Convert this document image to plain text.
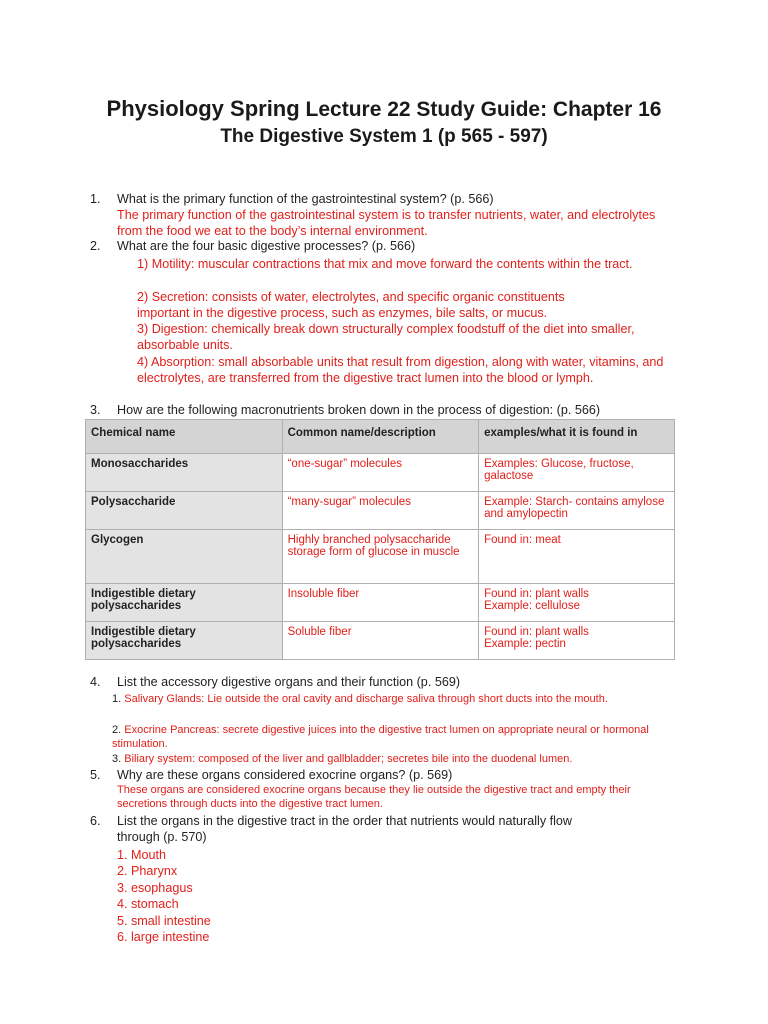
Physiology Spring Lecture 22 Study Guide: Chapter 16
The Digestive System 1 (p 565 - 597)
1. What is the primary function of the gastrointestinal system? (p. 566)
The primary function of the gastrointestinal system is to transfer nutrients, water, and electrolytes from the food we eat to the body’s internal environment.
2. What are the four basic digestive processes? (p. 566)
1) Motility: muscular contractions that mix and move forward the contents within the tract.
2) Secretion: consists of water, electrolytes, and specific organic constituents important in the digestive process, such as enzymes, bile salts, or mucus.
3) Digestion: chemically break down structurally complex foodstuff of the diet into smaller, absorbable units.
4) Absorption: small absorbable units that result from digestion, along with water, vitamins, and electrolytes, are transferred from the digestive tract lumen into the blood or lymph.
3. How are the following macronutrients broken down in the process of digestion: (p. 566)
Chemical name	Common name/description	examples/what it is found in
Monosaccharides	“one-sugar” molecules	Examples: Glucose, fructose, galactose
Polysaccharide	“many-sugar” molecules	Example: Starch- contains amylose and amylopectin
Glycogen	Highly branched polysaccharide storage form of glucose in muscle	Found in: meat
Indigestible dietary polysaccharides	Insoluble fiber	Found in: plant walls
Example: cellulose
Indigestible dietary polysaccharides	Soluble fiber	Found in: plant walls
Example: pectin
4. List the accessory digestive organs and their function (p. 569)
1. Salivary Glands: Lie outside the oral cavity and discharge saliva through short ducts into the mouth.
2. Exocrine Pancreas: secrete digestive juices into the digestive tract lumen on appropriate neural or hormonal stimulation.
3. Biliary system: composed of the liver and gallbladder; secretes bile into the duodenal lumen.
5. Why are these organs considered exocrine organs? (p. 569)
These organs are considered exocrine organs because they lie outside the digestive tract and empty their secretions through ducts into the digestive tract lumen.
6. List the organs in the digestive tract in the order that nutrients would naturally flow
through (p. 570)
1. Mouth
2. Pharynx
3. esophagus
4. stomach
5. small intestine
6. large intestine
